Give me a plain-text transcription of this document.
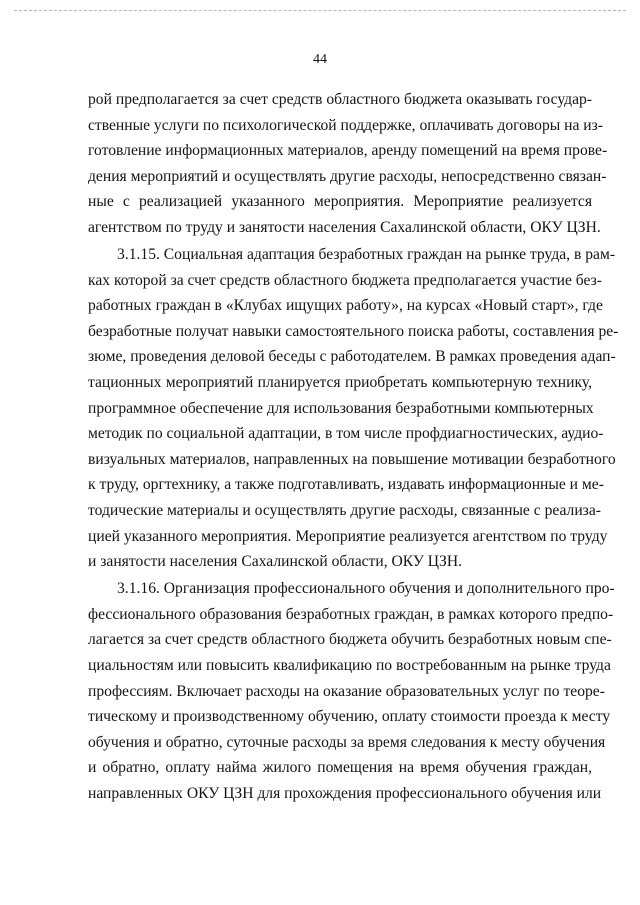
44
рой предполагается за счет средств областного бюджета оказывать государ-
ственные услуги по психологической поддержке, оплачивать договоры на из-
готовление информационных материалов, аренду помещений на время прове-
дения мероприятий и осуществлять другие расходы, непосредственно связан-
ные с реализацией указанного мероприятия. Мероприятие реализуется
агентством по труду и занятости населения Сахалинской области, ОКУ ЦЗН.
3.1.15. Социальная адаптация безработных граждан на рынке труда, в рам-
ках которой за счет средств областного бюджета предполагается участие без-
работных граждан в «Клубах ищущих работу», на курсах «Новый старт», где
безработные получат навыки самостоятельного поиска работы, составления ре-
зюме, проведения деловой беседы с работодателем. В рамках проведения адап-
тационных мероприятий планируется приобретать компьютерную технику,
программное обеспечение для использования безработными компьютерных
методик по социальной адаптации, в том числе профдиагностических, аудио-
визуальных материалов, направленных на повышение мотивации безработного
к труду, оргтехнику, а также подготавливать, издавать информационные и ме-
тодические материалы и осуществлять другие расходы, связанные с реализа-
цией указанного мероприятия. Мероприятие реализуется агентством по труду
и занятости населения Сахалинской области, ОКУ ЦЗН.
3.1.16. Организация профессионального обучения и дополнительного про-
фессионального образования безработных граждан, в рамках которого предпо-
лагается за счет средств областного бюджета обучить безработных новым спе-
циальностям или повысить квалификацию по востребованным на рынке труда
профессиям. Включает расходы на оказание образовательных услуг по теоре-
тическому и производственному обучению, оплату стоимости проезда к месту
обучения и обратно, суточные расходы за время следования к месту обучения
и обратно, оплату найма жилого помещения на время обучения граждан,
направленных ОКУ ЦЗН для прохождения профессионального обучения или
